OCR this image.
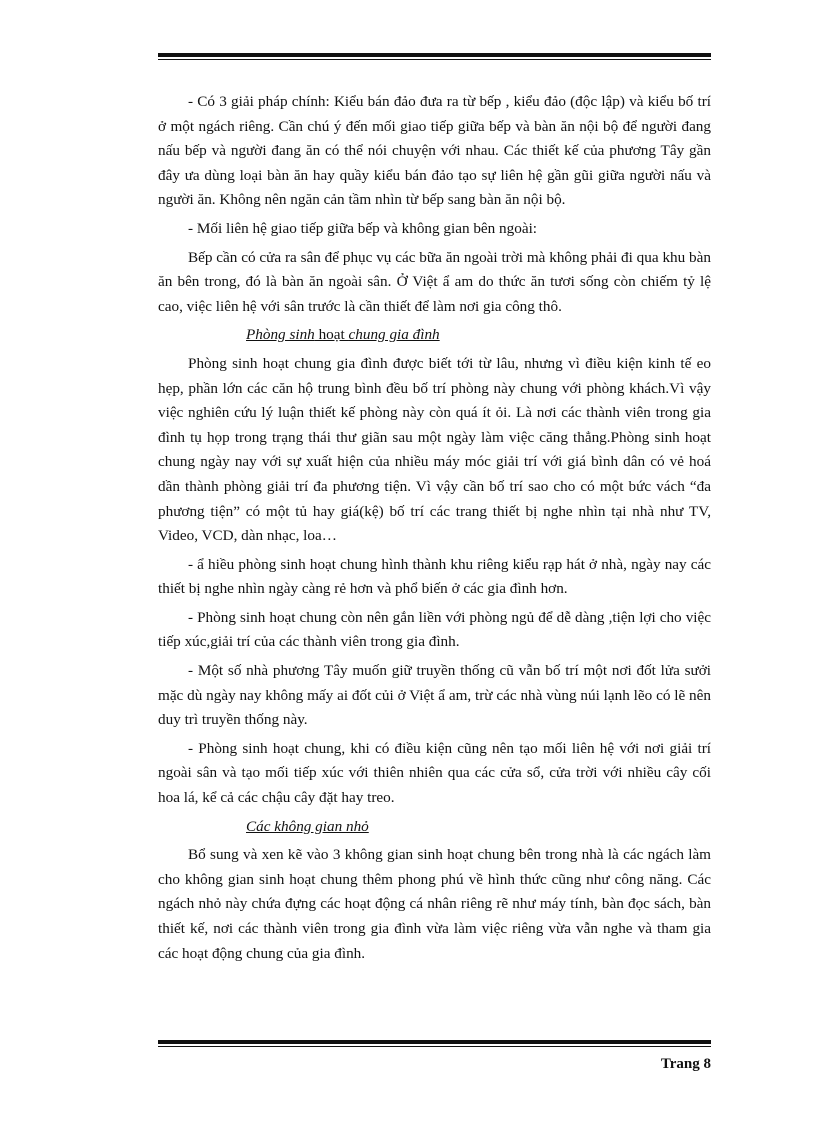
- Có 3 giải pháp chính: Kiểu bán đảo đưa ra từ bếp , kiểu đảo (độc lập) và kiểu bố trí ở một ngách riêng. Cần chú ý đến mối giao tiếp giữa bếp và bàn ăn nội bộ để người đang nấu bếp và người đang ăn có thể nói chuyện với nhau. Các thiết kế của phương Tây gần đây ưa dùng loại bàn ăn hay quầy kiểu bán đảo tạo sự liên hệ gần gũi giữa người nấu và người ăn. Không nên ngăn cản tầm nhìn từ bếp sang bàn ăn nội bộ.

- Mối liên hệ giao tiếp giữa bếp và không gian bên ngoài:

Bếp cần có cửa ra sân để phục vụ các bữa ăn ngoài trời mà không phải đi qua khu bàn ăn bên trong, đó là bàn ăn ngoài sân. Ở Việt ẩ am do thức ăn tươi sống còn chiếm tỷ lệ cao, việc liên hệ với sân trước là cần thiết để làm nơi gia công thô.

Phòng sinh hoạt chung gia đình

Phòng sinh hoạt chung gia đình được biết tới từ lâu, nhưng vì điều kiện kinh tế eo hẹp, phần lớn các căn hộ trung bình đều bố trí phòng này chung với phòng khách.Vì vậy việc nghiên cứu lý luận thiết kế phòng này còn quá ít ỏi. Là nơi các thành viên trong gia đình tụ họp trong trạng thái thư giãn sau một ngày làm việc căng thẳng.Phòng sinh hoạt chung ngày nay với sự xuất hiện của nhiều máy móc giải trí với giá bình dân có vẻ hoá dần thành phòng giải trí đa phương tiện. Vì vậy cần bố trí sao cho có một bức vách “đa phương tiện” có một tủ hay giá(kệ) bố trí các trang thiết bị nghe nhìn tại nhà như TV, Video, VCD, dàn nhạc, loa…

- ẩ hiều phòng sinh hoạt chung hình thành khu riêng kiểu rạp hát ở nhà, ngày nay các thiết bị nghe nhìn ngày càng rẻ hơn và phổ biến ở các gia đình hơn.

- Phòng sinh hoạt chung còn nên gắn liền với phòng ngủ để dễ dàng ,tiện lợi cho việc tiếp xúc,giải trí của các thành viên trong gia đình.

- Một số nhà phương Tây muốn giữ truyền thống cũ vẫn bố trí một nơi đốt lửa sưởi mặc dù ngày nay không mấy ai đốt củi ở Việt ẩ am, trừ các nhà vùng núi lạnh lẽo có lẽ nên duy trì truyền thống này.

- Phòng sinh hoạt chung, khi có điều kiện cũng nên tạo mối liên hệ với nơi giải trí ngoài sân và tạo mối tiếp xúc với thiên nhiên qua các cửa sổ, cửa trời với nhiều cây cối hoa lá, kể cả các chậu cây đặt hay treo.

Các không gian nhỏ

Bổ sung và xen kẽ vào 3 không gian sinh hoạt chung bên trong nhà là các ngách làm cho không gian sinh hoạt chung thêm phong phú về hình thức cũng như công năng. Các ngách nhỏ này chứa đựng các hoạt động cá nhân riêng rẽ như máy tính, bàn đọc sách, bàn thiết kế, nơi các thành viên trong gia đình vừa làm việc riêng vừa vẫn nghe và tham gia các hoạt động chung của gia đình.

Trang 8
